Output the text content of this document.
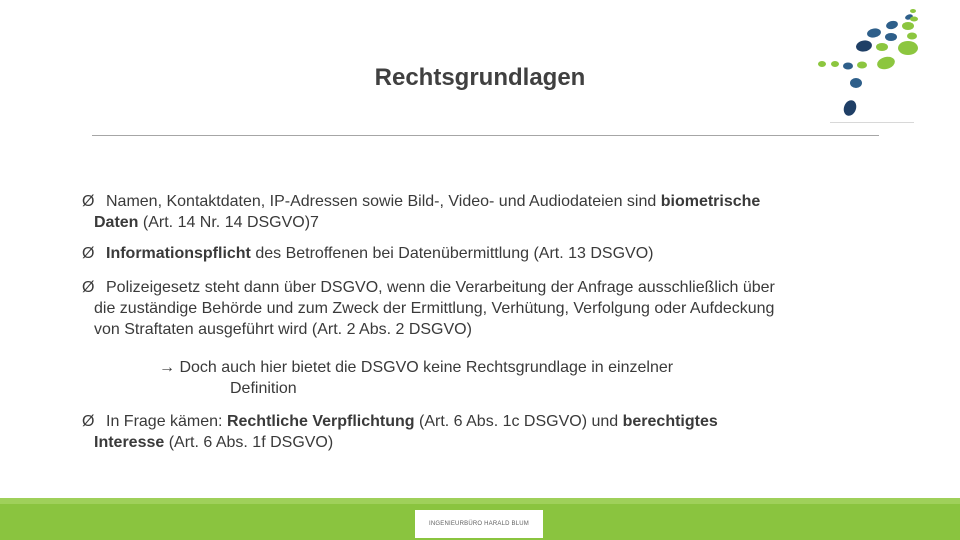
Rechtsgrundlagen
Ø Namen, Kontaktdaten, IP-Adressen sowie Bild-, Video- und Audiodateien sind biometrische
Daten (Art. 14 Nr. 14 DSGVO)7
Ø Informationspflicht des Betroffenen bei Datenübermittlung (Art. 13 DSGVO)
Ø Polizeigesetz steht dann über DSGVO, wenn die Verarbeitung der Anfrage ausschließlich über
die zuständige Behörde und zum Zweck der Ermittlung, Verhütung, Verfolgung oder Aufdeckung
von Straftaten ausgeführt wird (Art. 2 Abs. 2 DSGVO)
→ Doch auch hier bietet die DSGVO keine Rechtsgrundlage in einzelner
Definition
Ø In Frage kämen: Rechtliche Verpflichtung (Art. 6 Abs. 1c DSGVO) und berechtigtes
Interesse (Art. 6 Abs. 1f DSGVO)
INGENIEURBÜRO HARALD BLUM
